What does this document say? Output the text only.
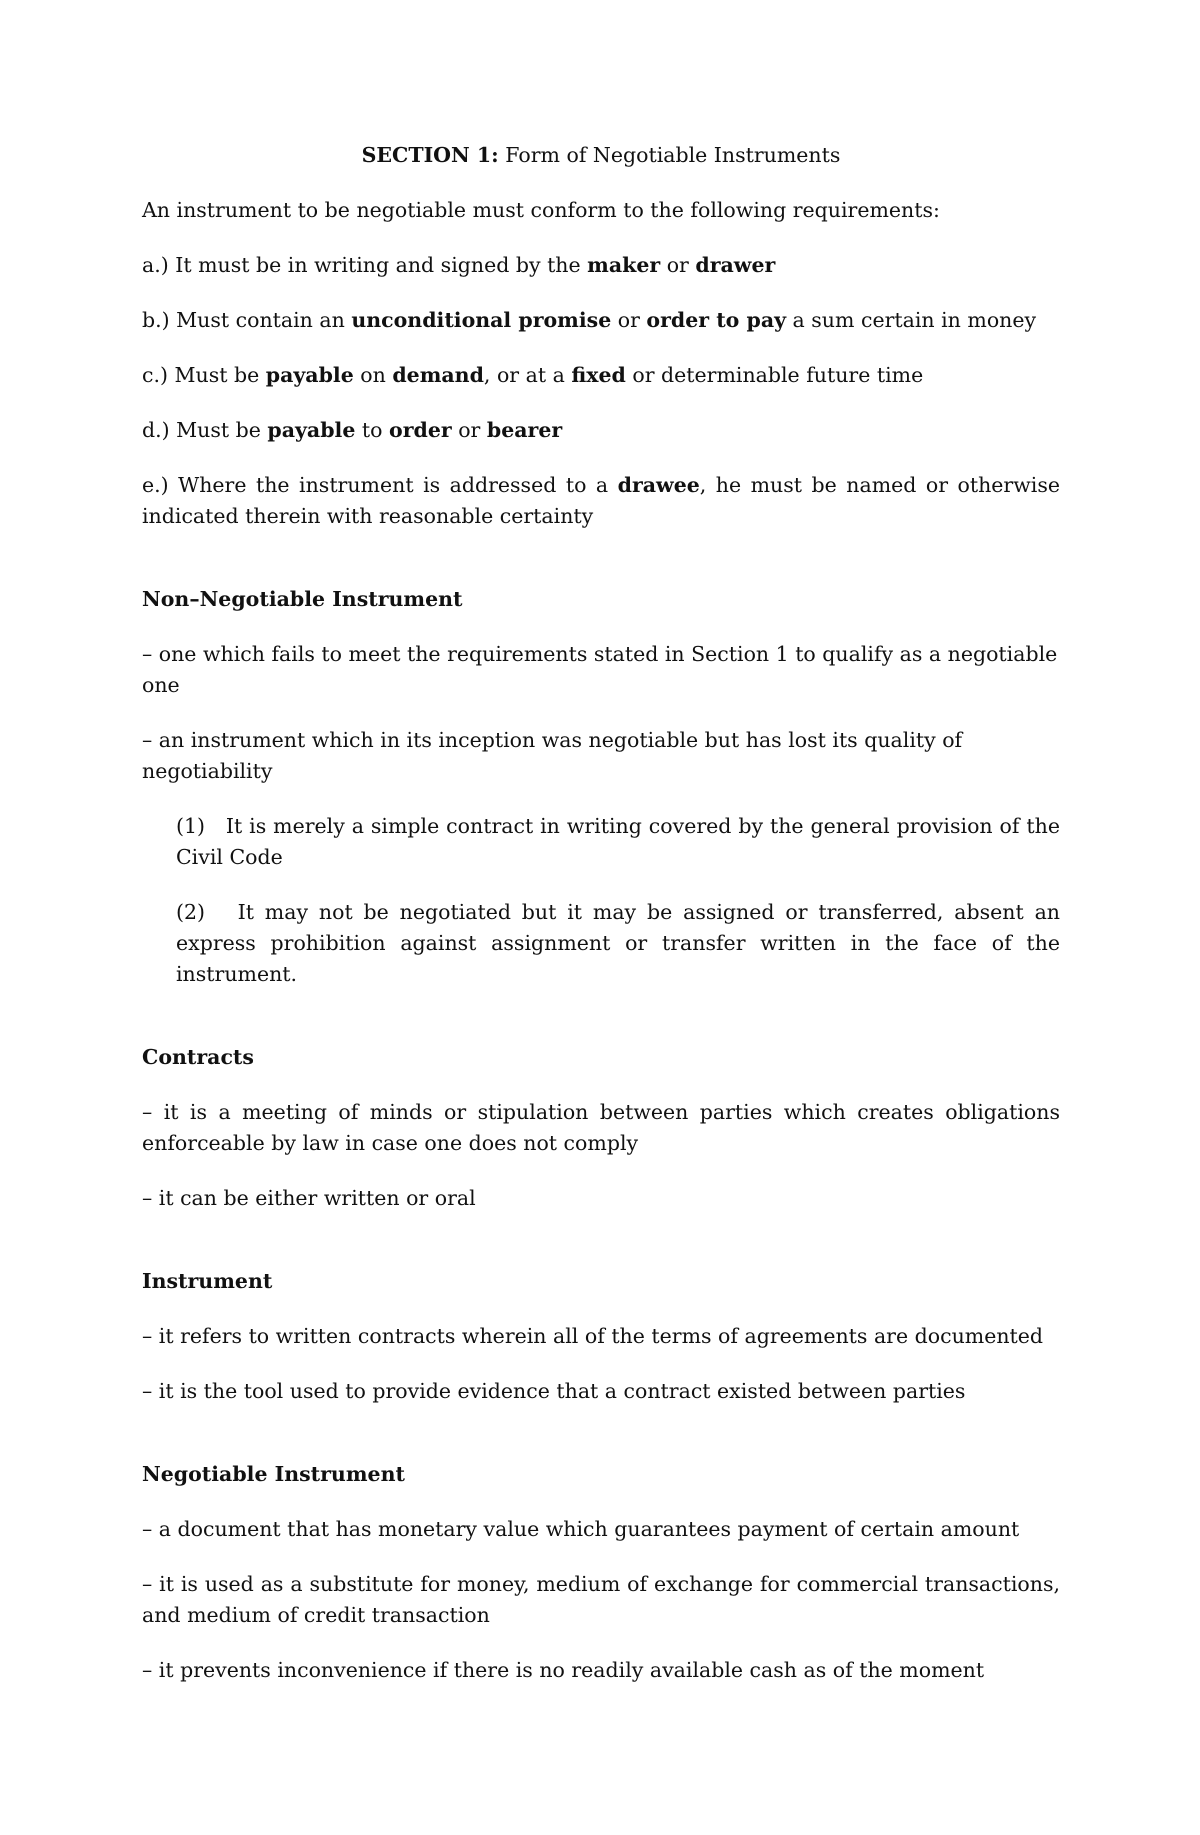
SECTION 1: Form of Negotiable Instruments

An instrument to be negotiable must conform to the following requirements:

a.) It must be in writing and signed by the maker or drawer

b.) Must contain an unconditional promise or order to pay a sum certain in money

c.) Must be payable on demand, or at a fixed or determinable future time

d.) Must be payable to order or bearer

e.) Where the instrument is addressed to a drawee, he must be named or otherwise indicated therein with reasonable certainty

Non–Negotiable Instrument

– one which fails to meet the requirements stated in Section 1 to qualify as a negotiable one

– an instrument which in its inception was negotiable but has lost its quality of negotiability

(1)   It is merely a simple contract in writing covered by the general provision of the Civil Code

(2)   It may not be negotiated but it may be assigned or transferred, absent an express prohibition against assignment or transfer written in the face of the instrument.

Contracts

– it is a meeting of minds or stipulation between parties which creates obligations enforceable by law in case one does not comply

– it can be either written or oral

Instrument

– it refers to written contracts wherein all of the terms of agreements are documented

– it is the tool used to provide evidence that a contract existed between parties

Negotiable Instrument

– a document that has monetary value which guarantees payment of certain amount

– it is used as a substitute for money, medium of exchange for commercial transactions, and medium of credit transaction

– it prevents inconvenience if there is no readily available cash as of the moment
